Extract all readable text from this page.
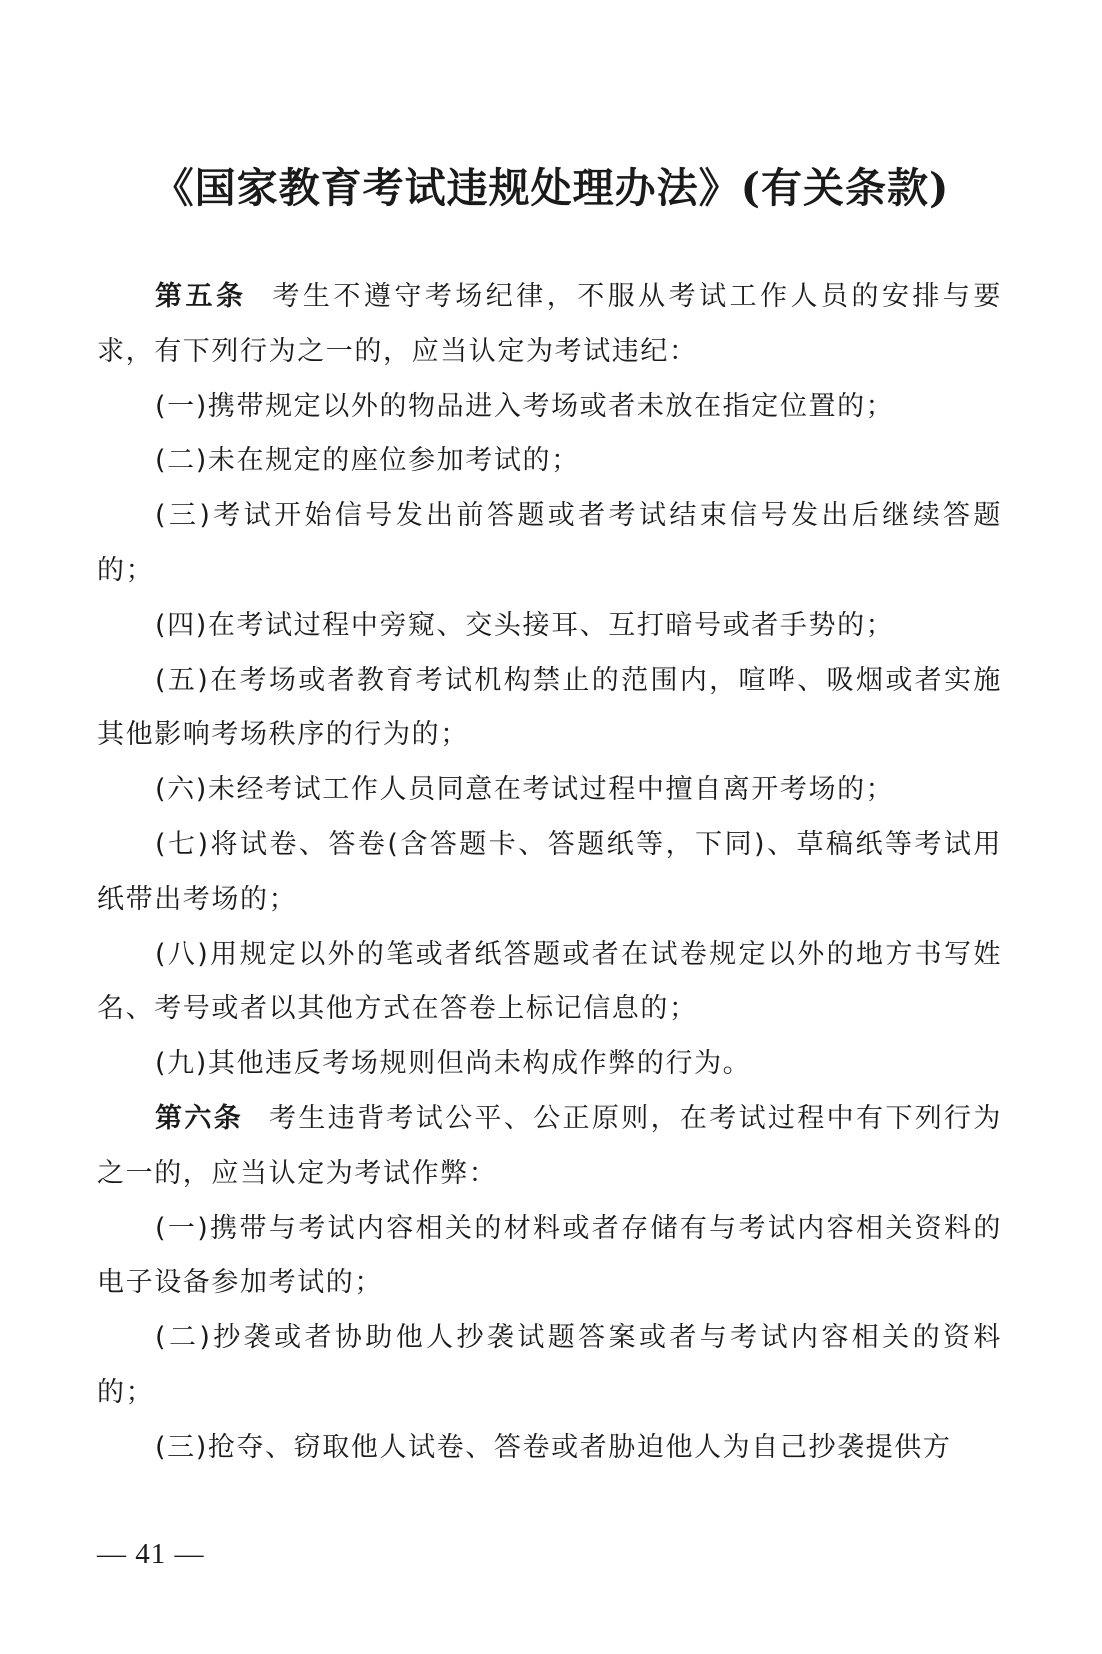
《国家教育考试违规处理办法》(有关条款)

第五条 考生不遵守考场纪律，不服从考试工作人员的安排与要求，有下列行为之一的，应当认定为考试违纪：

(一)携带规定以外的物品进入考场或者未放在指定位置的；

(二)未在规定的座位参加考试的；

(三)考试开始信号发出前答题或者考试结束信号发出后继续答题的；

(四)在考试过程中旁窥、交头接耳、互打暗号或者手势的；

(五)在考场或者教育考试机构禁止的范围内，喧哗、吸烟或者实施其他影响考场秩序的行为的；

(六)未经考试工作人员同意在考试过程中擅自离开考场的；

(七)将试卷、答卷(含答题卡、答题纸等，下同)、草稿纸等考试用纸带出考场的；

(八)用规定以外的笔或者纸答题或者在试卷规定以外的地方书写姓名、考号或者以其他方式在答卷上标记信息的；

(九)其他违反考场规则但尚未构成作弊的行为。

第六条 考生违背考试公平、公正原则，在考试过程中有下列行为之一的，应当认定为考试作弊：

(一)携带与考试内容相关的材料或者存储有与考试内容相关资料的电子设备参加考试的；

(二)抄袭或者协助他人抄袭试题答案或者与考试内容相关的资料的；

(三)抢夺、窃取他人试卷、答卷或者胁迫他人为自己抄袭提供方

— 41 —
